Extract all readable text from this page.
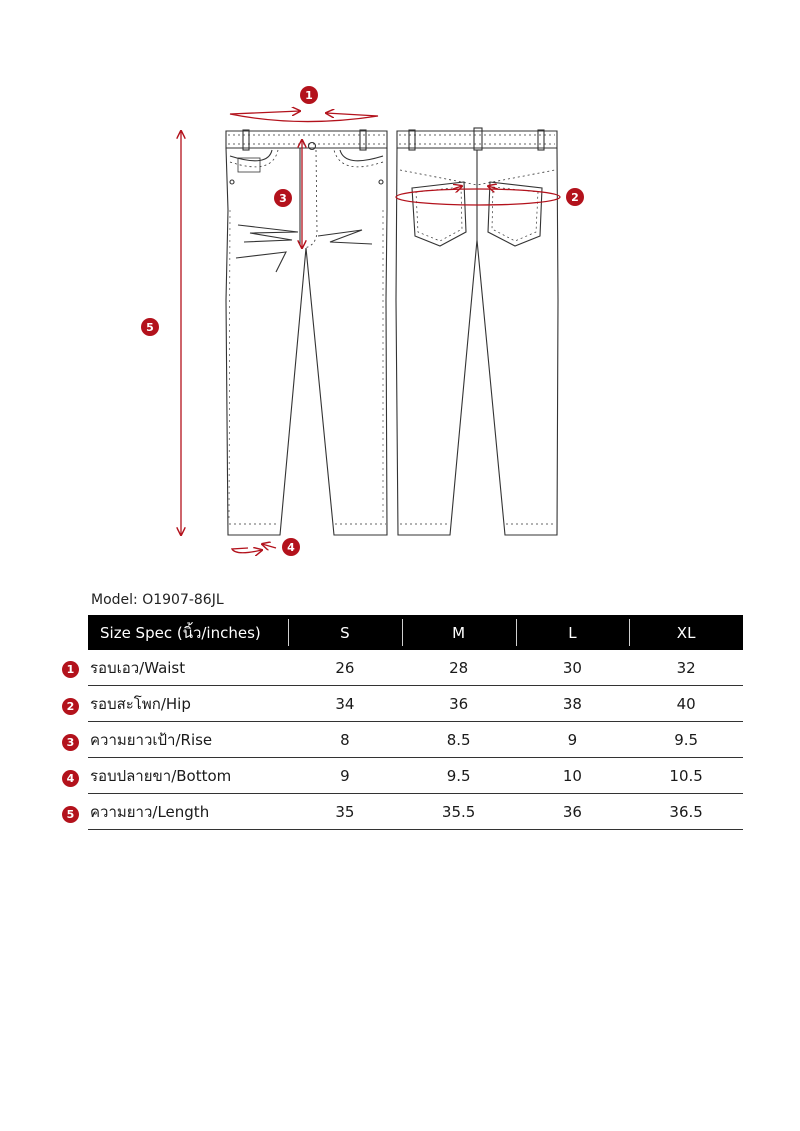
1
2
3
4
5
Model: O1907-86JL
Size Spec (นิ้ว/inches)	S	M	L	XL
รอบเอว/Waist	26	28	30	32
รอบสะโพก/Hip	34	36	38	40
ความยาวเป้า/Rise	8	8.5	9	9.5
รอบปลายขา/Bottom	9	9.5	10	10.5
ความยาว/Length	35	35.5	36	36.5
1
2
3
4
5
